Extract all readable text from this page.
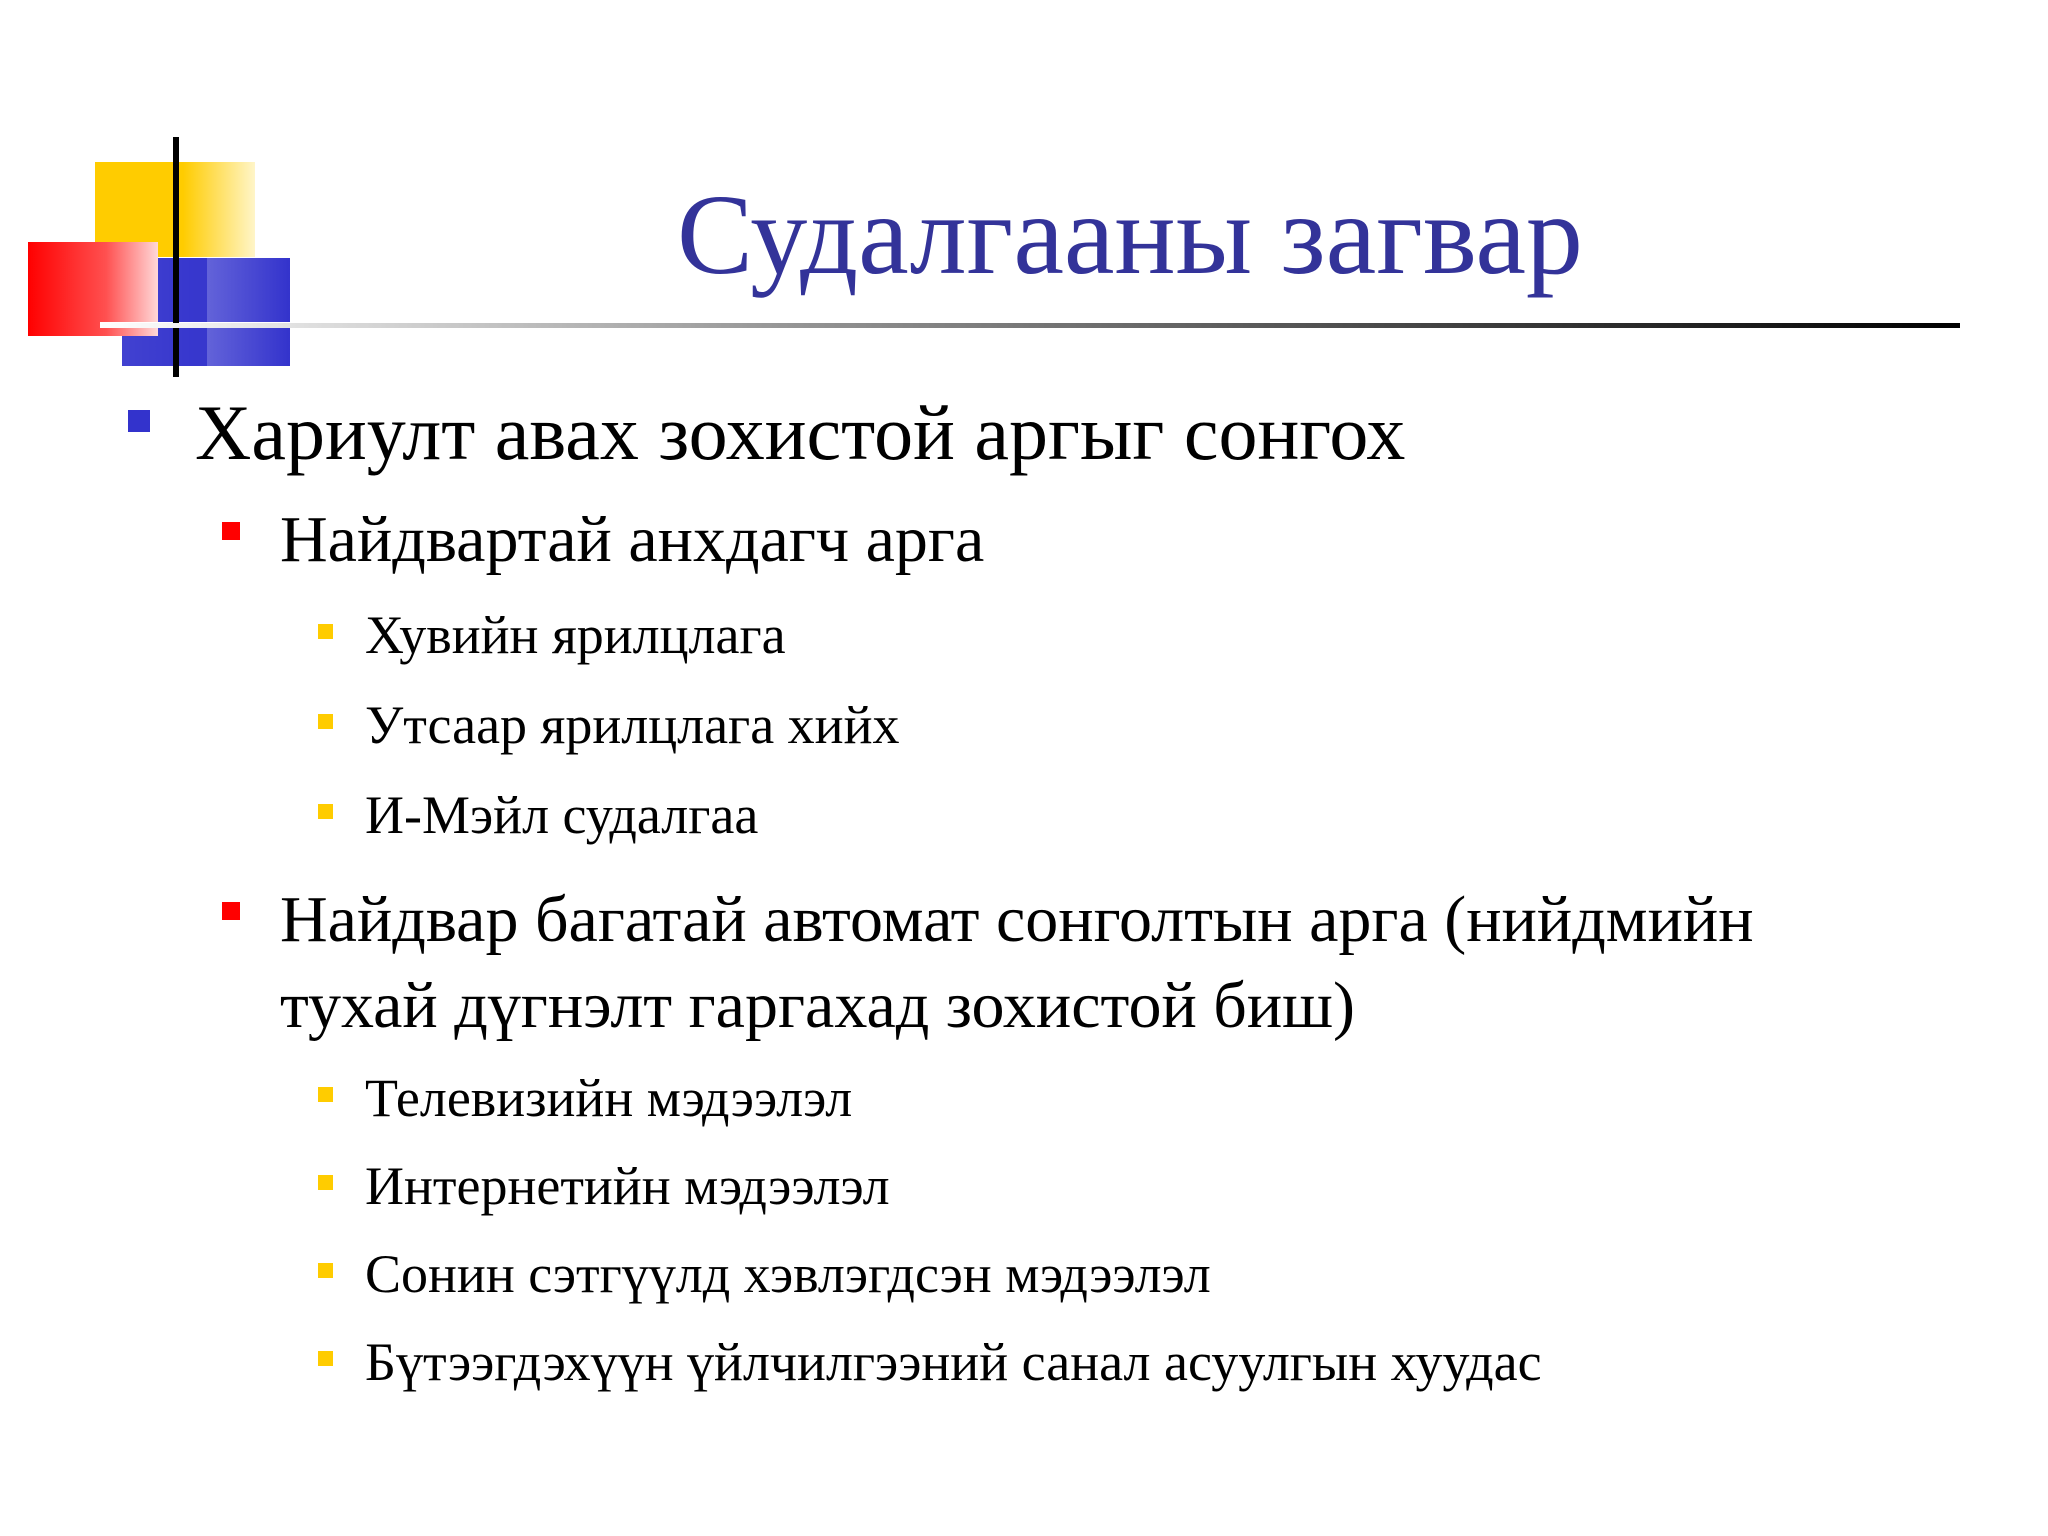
Судалгааны загвар
Хариулт авах зохистой аргыг сонгох
Найдвартай анхдагч арга
Хувийн ярилцлага
Утсаар ярилцлага хийх
И-Мэйл судалгаа
Найдвар багатай автомат сонголтын арга (нийдмийн
тухай дүгнэлт гаргахад зохистой биш)
Телевизийн мэдээлэл
Интернетийн мэдээлэл
Сонин сэтгүүлд хэвлэгдсэн мэдээлэл
Бүтээгдэхүүн үйлчилгээний санал асуулгын хуудас
